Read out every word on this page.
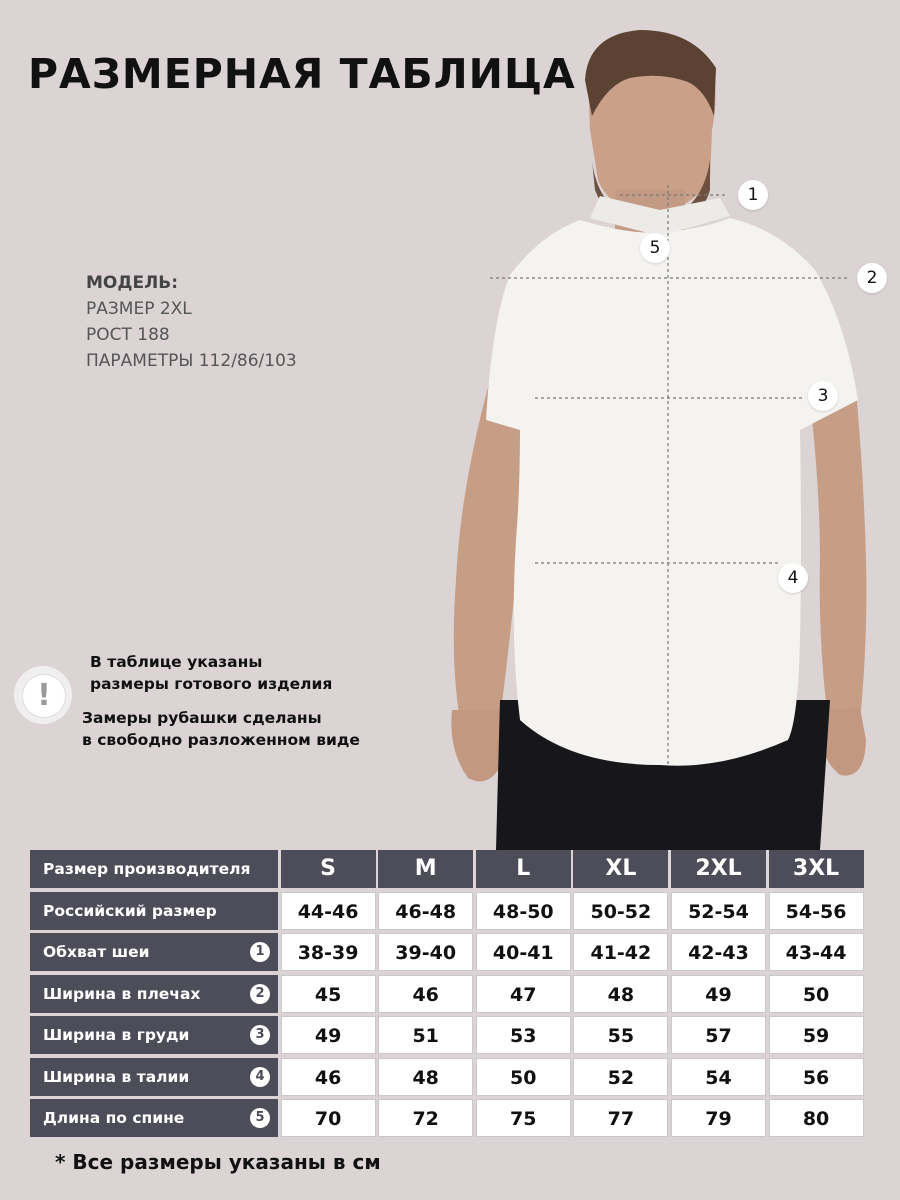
РАЗМЕРНАЯ ТАБЛИЦА
МОДЕЛЬ:
РАЗМЕР 2XL
РОСТ 188
ПАРАМЕТРЫ 112/86/103
1
2
3
4
5
!
В таблице указаны
размеры готового изделия
Замеры рубашки сделаны
в свободно разложенном виде
Размер производителя	S	M	L	XL	2XL	3XL
Российский размер	44-46	46-48	48-50	50-52	52-54	54-56
Обхват шеи	1	38-39	39-40	40-41	41-42	42-43	43-44
Ширина в плечах	2	45	46	47	48	49	50
Ширина в груди	3	49	51	53	55	57	59
Ширина в талии	4	46	48	50	52	54	56
Длина по спине	5	70	72	75	77	79	80
* Все размеры указаны в см
